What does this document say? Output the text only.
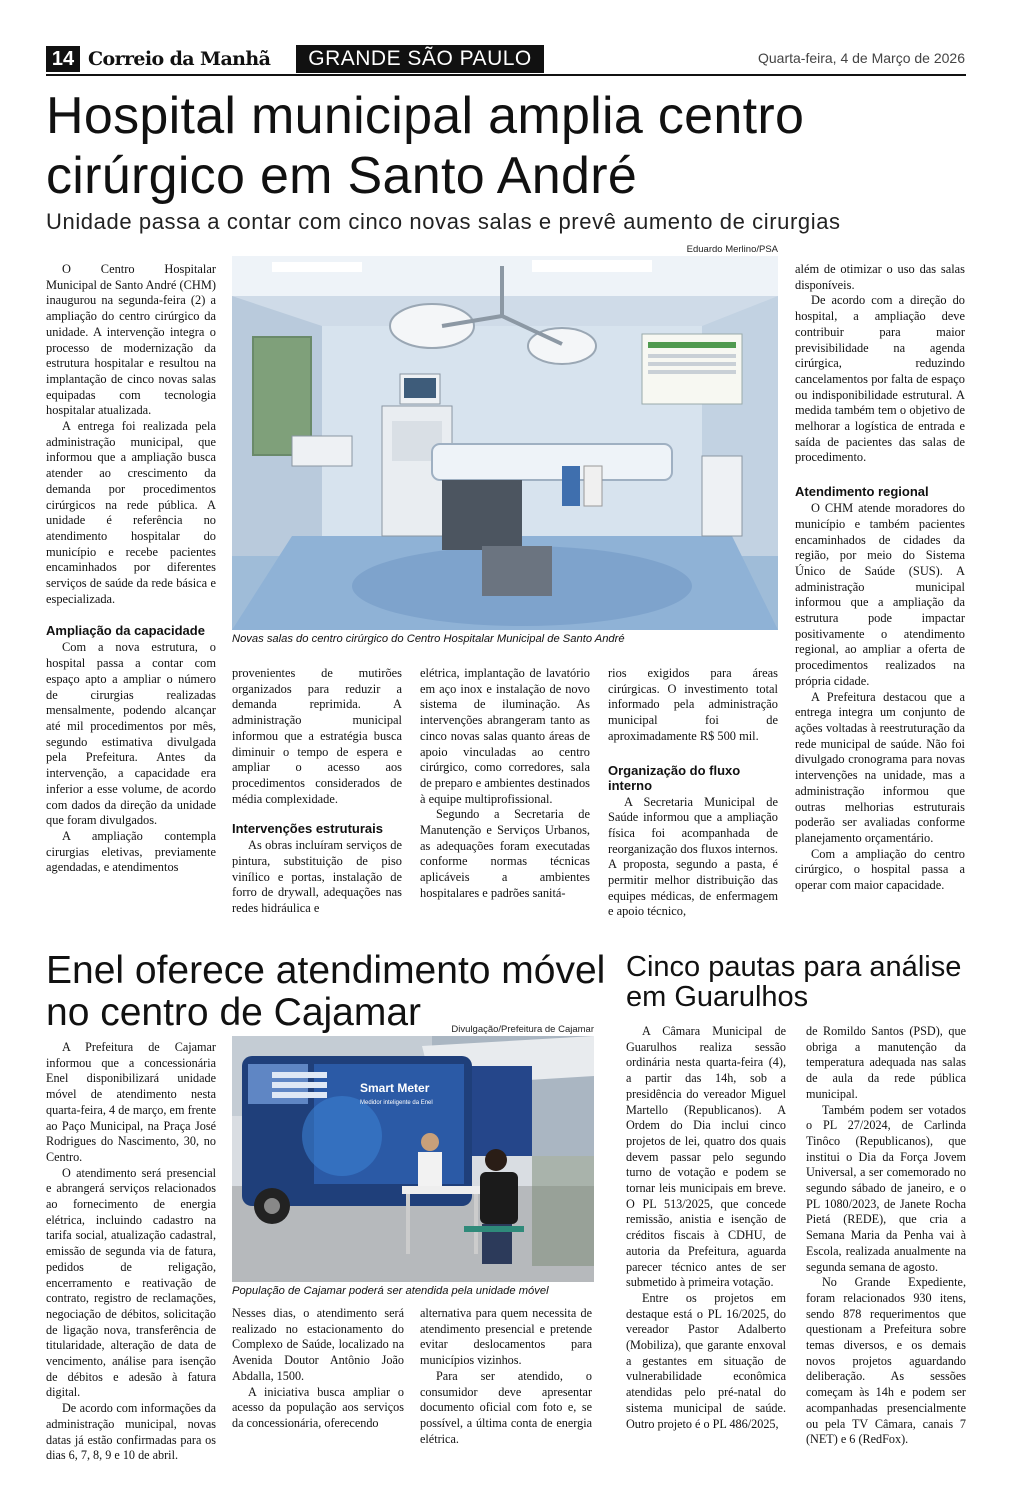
14 Correio da Manhã	GRANDE SÃO PAULO	Quarta-feira, 4 de Março de 2026
Hospital municipal amplia centro cirúrgico em Santo André
Unidade passa a contar com cinco novas salas e prevê aumento de cirurgias
Eduardo Merlino/PSA
Novas salas do centro cirúrgico do Centro Hospitalar Municipal de Santo André

O Centro Hospitalar Municipal de Santo André (CHM) inaugurou na segunda-feira (2) a ampliação do centro cirúrgico da unidade. A intervenção integra o processo de modernização da estrutura hospitalar e resultou na implantação de cinco novas salas equipadas com tecnologia hospitalar atualizada.

A entrega foi realizada pela administração municipal, que informou que a ampliação busca atender ao crescimento da demanda por procedimentos cirúrgicos na rede pública. A unidade é referência no atendimento hospitalar do município e recebe pacientes encaminhados por diferentes serviços de saúde da rede básica e especializada.

Ampliação da capacidade

Com a nova estrutura, o hospital passa a contar com espaço apto a ampliar o número de cirurgias realizadas mensalmente, podendo alcançar até mil procedimentos por mês, segundo estimativa divulgada pela Prefeitura. Antes da intervenção, a capacidade era inferior a esse volume, de acordo com dados da direção da unidade que foram divulgados.

A ampliação contempla cirurgias eletivas, previamente agendadas, e atendimentos

provenientes de mutirões organizados para reduzir a demanda reprimida. A administração municipal informou que a estratégia busca diminuir o tempo de espera e ampliar o acesso aos procedimentos considerados de média complexidade.

Intervenções estruturais

As obras incluíram serviços de pintura, substituição de piso vinílico e portas, instalação de forro de drywall, adequações nas redes hidráulica e

elétrica, implantação de lavatório em aço inox e instalação de novo sistema de iluminação. As intervenções abrangeram tanto as cinco novas salas quanto áreas de apoio vinculadas ao centro cirúrgico, como corredores, sala de preparo e ambientes destinados à equipe multiprofissional.

Segundo a Secretaria de Manutenção e Serviços Urbanos, as adequações foram executadas conforme normas técnicas aplicáveis a ambientes hospitalares e padrões sanitá-

rios exigidos para áreas cirúrgicas. O investimento total informado pela administração municipal foi de aproximadamente R$ 500 mil.

Organização do fluxo interno

A Secretaria Municipal de Saúde informou que a ampliação física foi acompanhada de reorganização dos fluxos internos. A proposta, segundo a pasta, é permitir melhor distribuição das equipes médicas, de enfermagem e apoio técnico,

além de otimizar o uso das salas disponíveis.

De acordo com a direção do hospital, a ampliação deve contribuir para maior previsibilidade na agenda cirúrgica, reduzindo cancelamentos por falta de espaço ou indisponibilidade estrutural. A medida também tem o objetivo de melhorar a logística de entrada e saída de pacientes das salas de procedimento.

Atendimento regional

O CHM atende moradores do município e também pacientes encaminhados de cidades da região, por meio do Sistema Único de Saúde (SUS). A administração municipal informou que a ampliação da estrutura pode impactar positivamente o atendimento regional, ao ampliar a oferta de procedimentos realizados na própria cidade.

A Prefeitura destacou que a entrega integra um conjunto de ações voltadas à reestruturação da rede municipal de saúde. Não foi divulgado cronograma para novas intervenções na unidade, mas a administração informou que outras melhorias estruturais poderão ser avaliadas conforme planejamento orçamentário.

Com a ampliação do centro cirúrgico, o hospital passa a operar com maior capacidade.

Enel oferece atendimento móvel no centro de Cajamar	Divulgação/Prefeitura de Cajamar
Smart Meter
Medidor inteligente da Enel
População de Cajamar poderá ser atendida pela unidade móvel

A Prefeitura de Cajamar informou que a concessionária Enel disponibilizará unidade móvel de atendimento nesta quarta-feira, 4 de março, em frente ao Paço Municipal, na Praça José Rodrigues do Nascimento, 30, no Centro.

O atendimento será presencial e abrangerá serviços relacionados ao fornecimento de energia elétrica, incluindo cadastro na tarifa social, atualização cadastral, emissão de segunda via de fatura, pedidos de religação, encerramento e reativação de contrato, registro de reclamações, negociação de débitos, solicitação de ligação nova, transferência de titularidade, alteração de data de vencimento, análise para isenção de débitos e adesão à fatura digital.

De acordo com informações da administração municipal, novas datas já estão confirmadas para os dias 6, 7, 8, 9 e 10 de abril.

Nesses dias, o atendimento será realizado no estacionamento do Complexo de Saúde, localizado na Avenida Doutor Antônio João Abdalla, 1500.

A iniciativa busca ampliar o acesso da população aos serviços da concessionária, oferecendo

alternativa para quem necessita de atendimento presencial e pretende evitar deslocamentos para municípios vizinhos.

Para ser atendido, o consumidor deve apresentar documento oficial com foto e, se possível, a última conta de energia elétrica.

Cinco pautas para análise em Guarulhos

A Câmara Municipal de Guarulhos realiza sessão ordinária nesta quarta-feira (4), a partir das 14h, sob a presidência do vereador Miguel Martello (Republicanos). A Ordem do Dia inclui cinco projetos de lei, quatro dos quais devem passar pelo segundo turno de votação e podem se tornar leis municipais em breve. O PL 513/2025, que concede remissão, anistia e isenção de créditos fiscais à CDHU, de autoria da Prefeitura, aguarda parecer técnico antes de ser submetido à primeira votação.

Entre os projetos em destaque está o PL 16/2025, do vereador Pastor Adalberto (Mobiliza), que garante enxoval a gestantes em situação de vulnerabilidade econômica atendidas pelo pré-natal do sistema municipal de saúde. Outro projeto é o PL 486/2025,

de Romildo Santos (PSD), que obriga a manutenção da temperatura adequada nas salas de aula da rede pública municipal.

Também podem ser votados o PL 27/2024, de Carlinda Tinôco (Republicanos), que institui o Dia da Força Jovem Universal, a ser comemorado no segundo sábado de janeiro, e o PL 1080/2023, de Janete Rocha Pietá (REDE), que cria a Semana Maria da Penha vai à Escola, realizada anualmente na segunda semana de agosto.

No Grande Expediente, foram relacionados 930 itens, sendo 878 requerimentos que questionam a Prefeitura sobre temas diversos, e os demais novos projetos aguardando deliberação. As sessões começam às 14h e podem ser acompanhadas presencialmente ou pela TV Câmara, canais 7 (NET) e 6 (RedFox).
